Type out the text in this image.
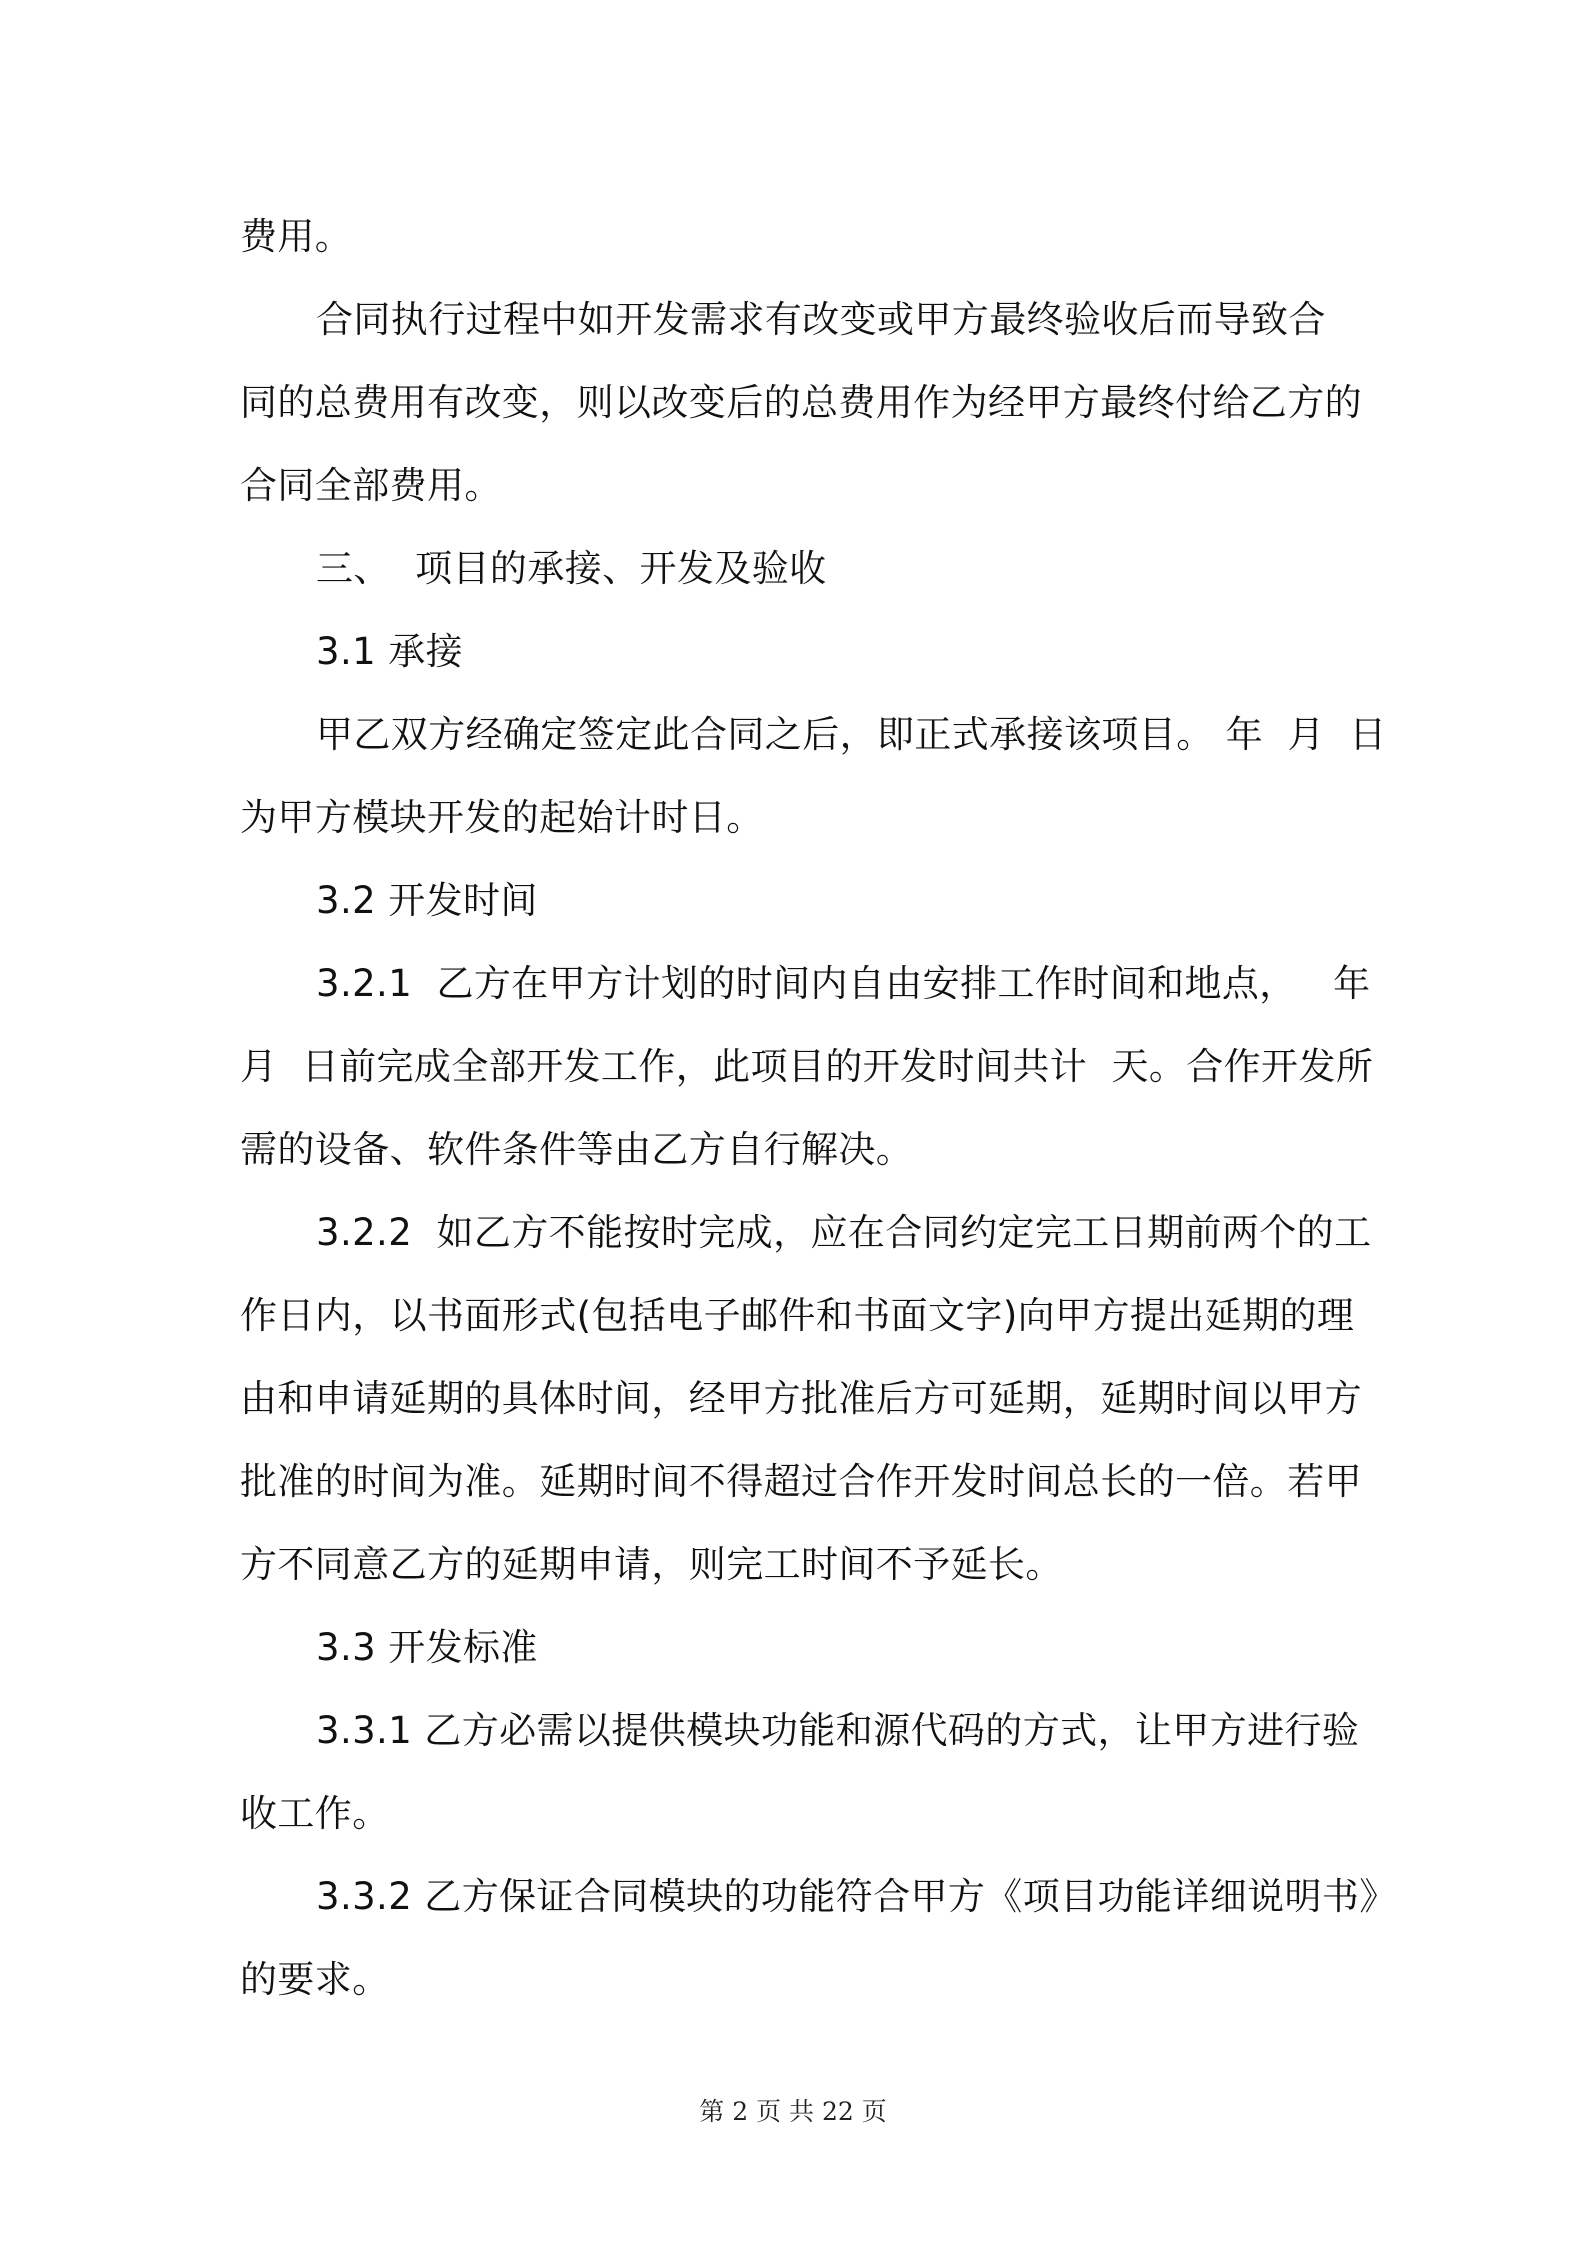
费用。
合同执行过程中如开发需求有改变或甲方最终验收后而导致合
同的总费用有改变，则以改变后的总费用作为经甲方最终付给乙方的
合同全部费用。
三、  项目的承接、开发及验收
3.1 承接
甲乙双方经确定签定此合同之后，即正式承接该项目。 年  月  日
为甲方模块开发的起始计时日。
3.2 开发时间
3.2.1  乙方在甲方计划的时间内自由安排工作时间和地点，   年
月  日前完成全部开发工作，此项目的开发时间共计  天。合作开发所
需的设备、软件条件等由乙方自行解决。
3.2.2  如乙方不能按时完成，应在合同约定完工日期前两个的工
作日内，以书面形式(包括电子邮件和书面文字)向甲方提出延期的理
由和申请延期的具体时间，经甲方批准后方可延期，延期时间以甲方
批准的时间为准。延期时间不得超过合作开发时间总长的一倍。若甲
方不同意乙方的延期申请，则完工时间不予延长。
3.3 开发标准
3.3.1 乙方必需以提供模块功能和源代码的方式，让甲方进行验
收工作。
3.3.2 乙方保证合同模块的功能符合甲方《项目功能详细说明书》
的要求。
第 2 页 共 22 页
